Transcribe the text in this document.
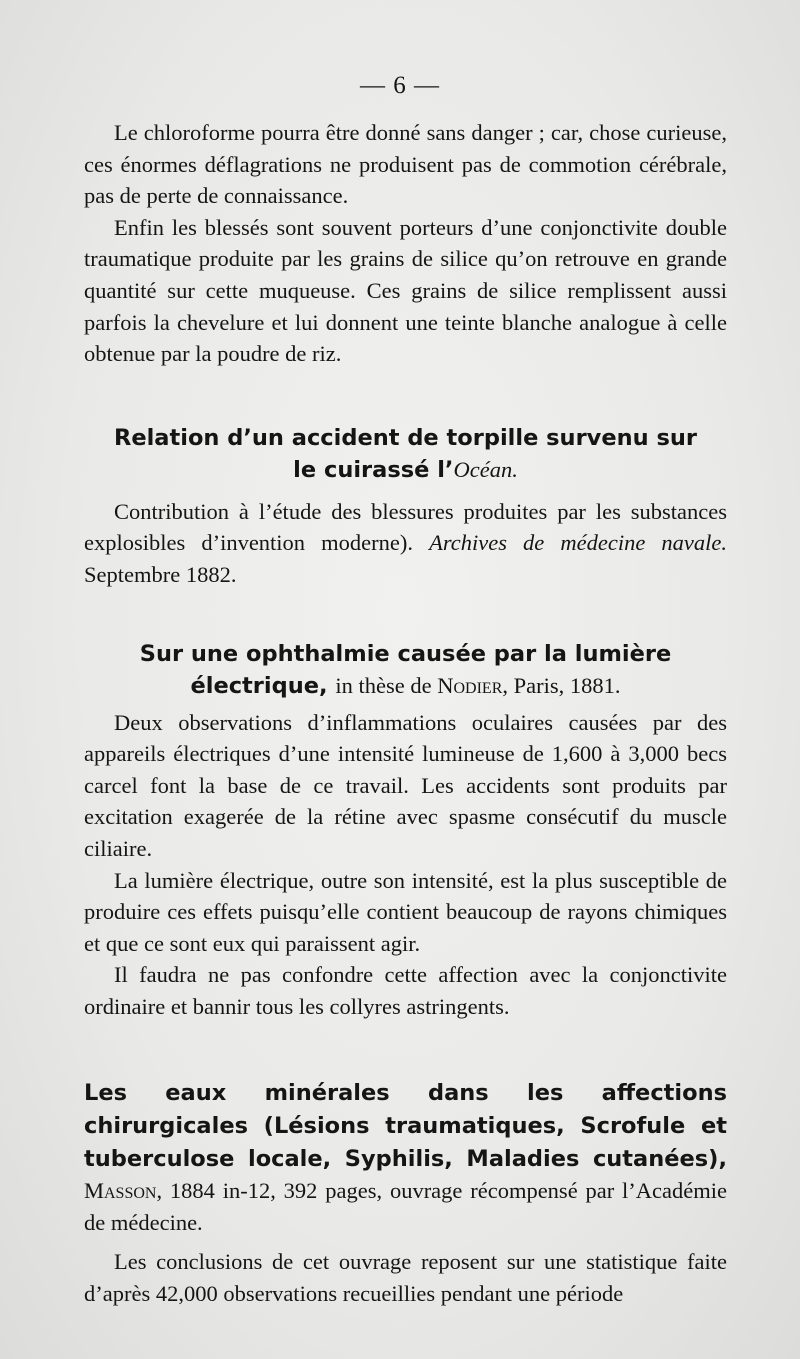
— 6 —

Le chloroforme pourra être donné sans danger ; car, chose curieuse, ces énormes déflagrations ne produisent pas de commotion cérébrale, pas de perte de connaissance.

Enfin les blessés sont souvent porteurs d’une conjonctivite double traumatique produite par les grains de silice qu’on retrouve en grande quantité sur cette muqueuse. Ces grains de silice remplissent aussi parfois la chevelure et lui donnent une teinte blanche analogue à celle obtenue par la poudre de riz.

Relation d’un accident de torpille survenu sur
le cuirassé l’Océan.
Contribution à l’étude des blessures produites par les substances explosibles d’invention moderne). Archives de médecine navale. Septembre 1882.
Sur une ophthalmie causée par la lumière
électrique, in thèse de Nodier, Paris, 1881.

Deux observations d’inflammations oculaires causées par des appareils électriques d’une intensité lumineuse de 1,600 à 3,000 becs carcel font la base de ce travail. Les accidents sont produits par excitation exagerée de la rétine avec spasme consécutif du muscle ciliaire.

La lumière électrique, outre son intensité, est la plus susceptible de produire ces effets puisqu’elle contient beaucoup de rayons chimiques et que ce sont eux qui paraissent agir.

Il faudra ne pas confondre cette affection avec la conjonctivite ordinaire et bannir tous les collyres astringents.

Les eaux minérales dans les affections chirurgicales (Lésions traumatiques, Scrofule et tuberculose locale, Syphilis, Maladies cutanées), Masson, 1884 in-12, 392 pages, ouvrage récompensé par l’Académie de médecine.

Les conclusions de cet ouvrage reposent sur une statistique faite d’après 42,000 observations recueillies pendant une période
